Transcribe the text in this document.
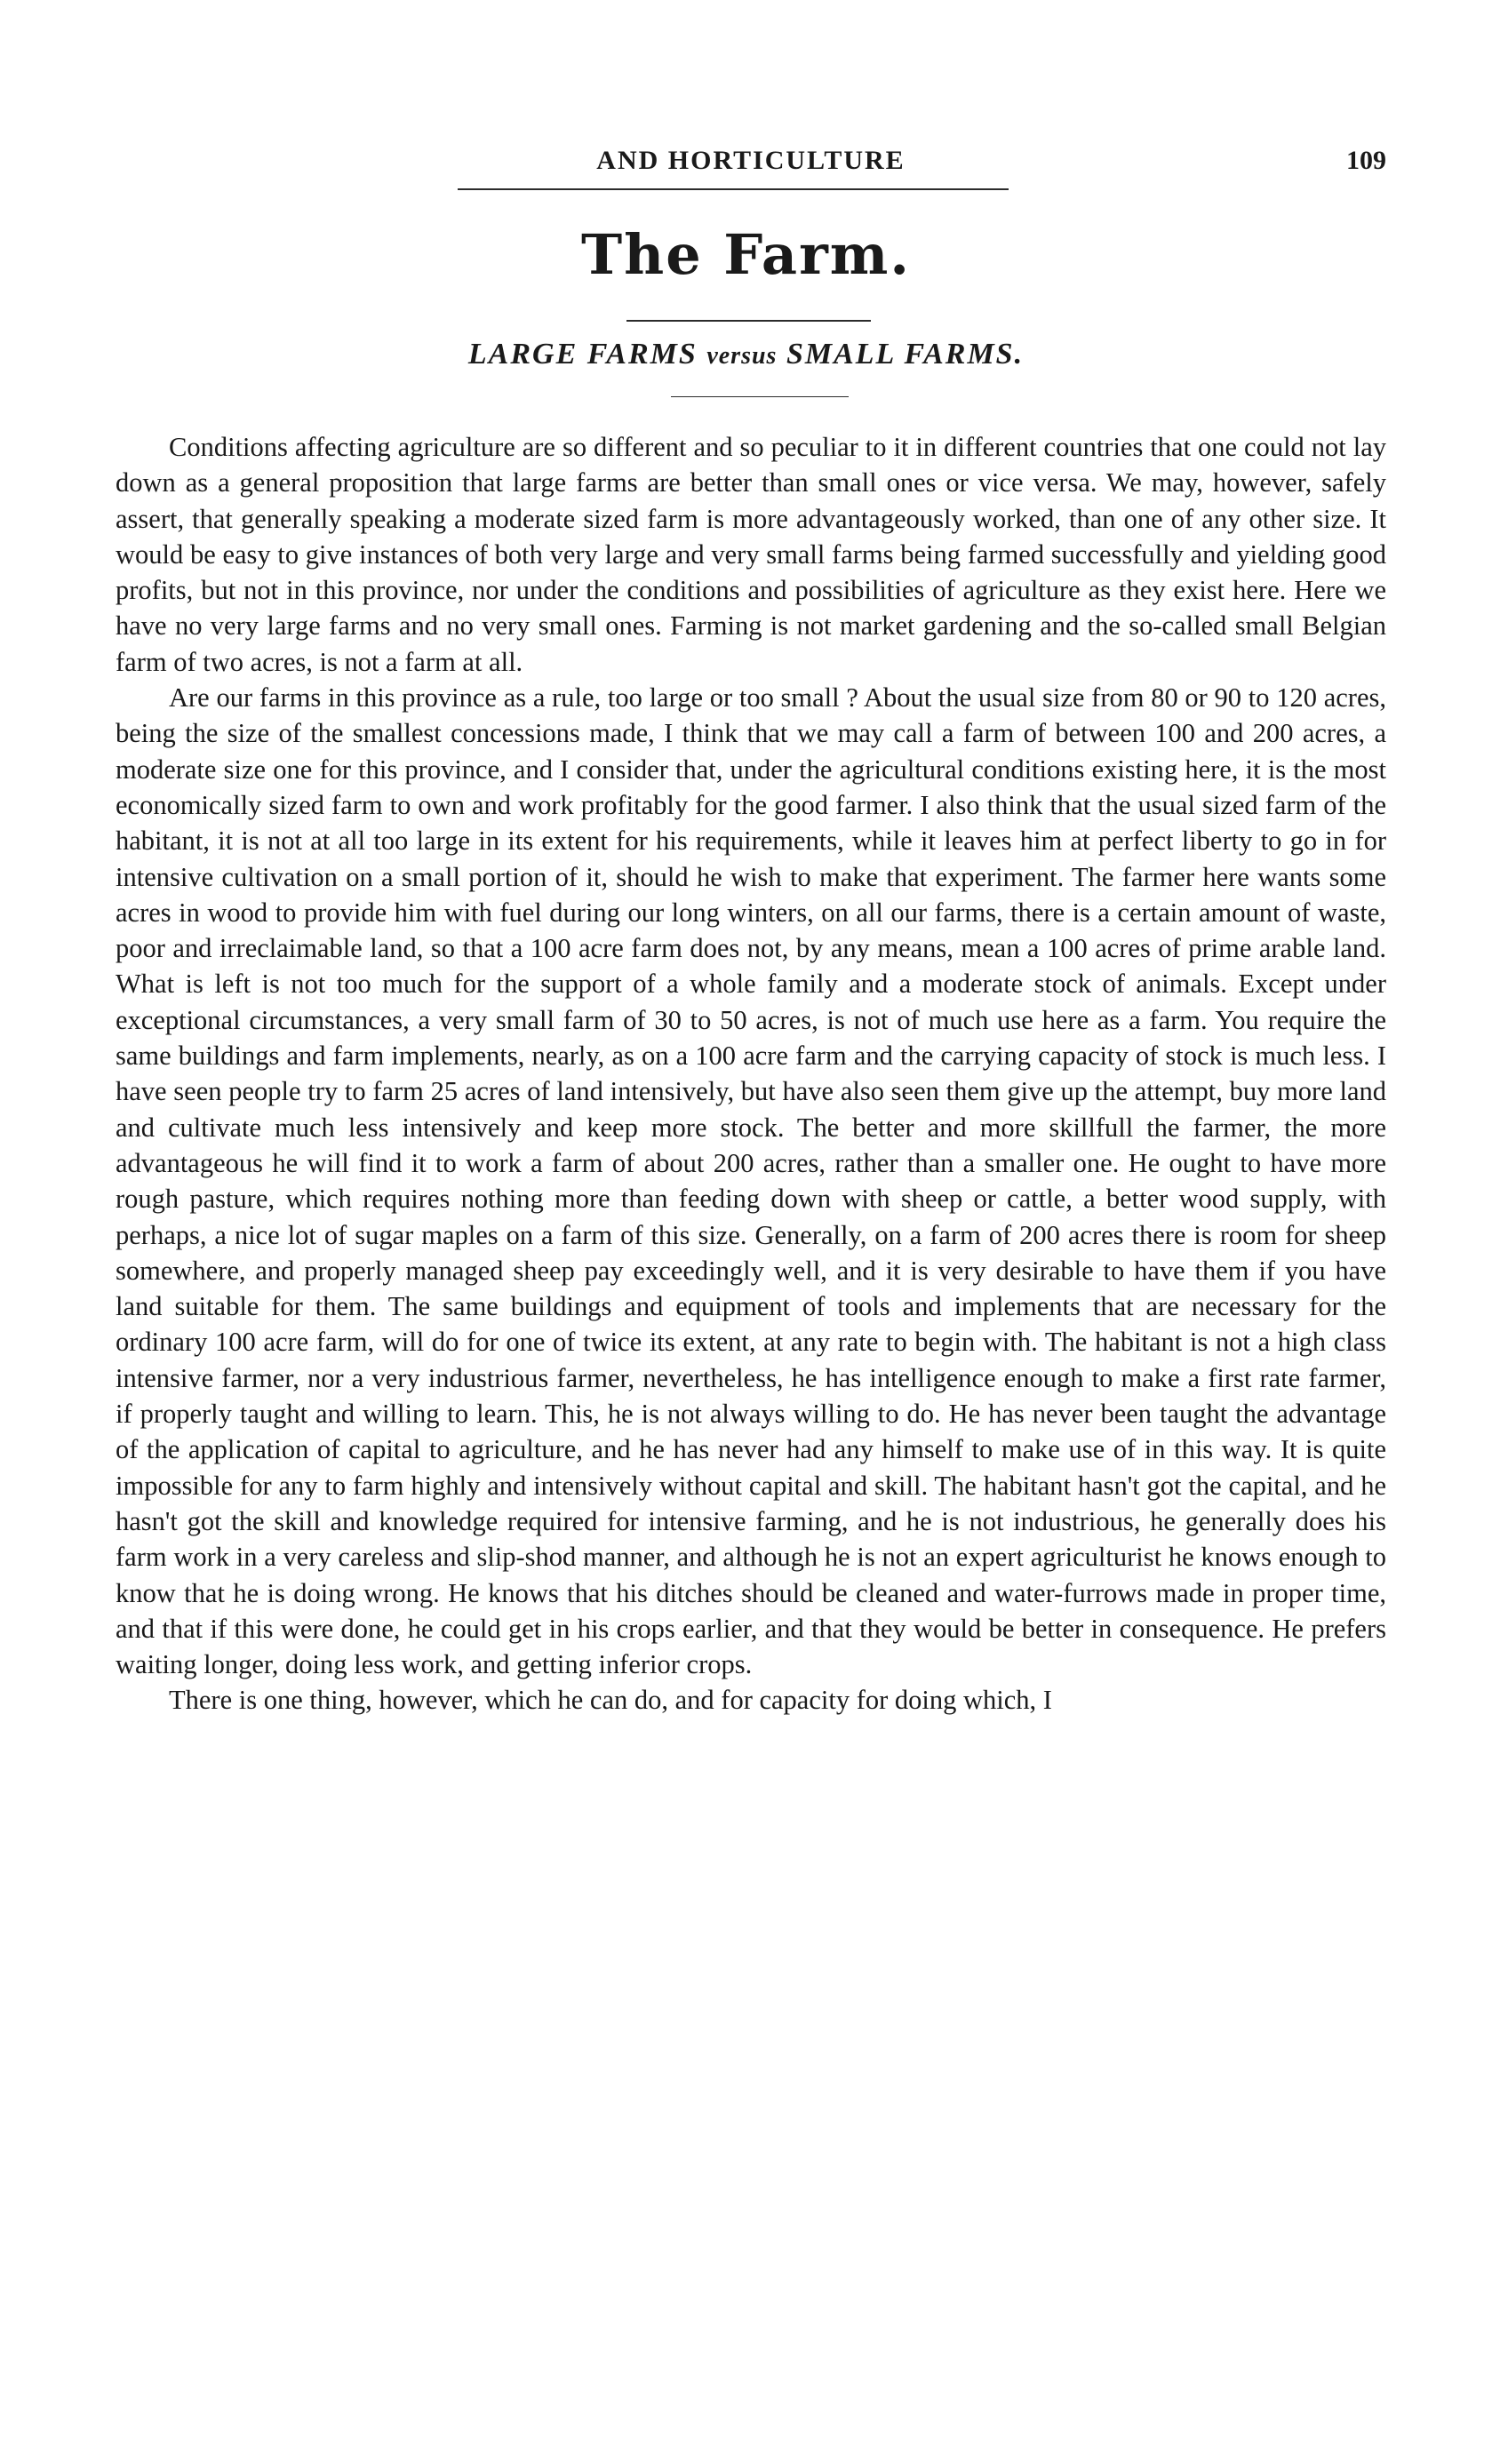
AND HORTICULTURE	109
The Farm.
LARGE FARMS versus SMALL FARMS.

Conditions affecting agriculture are so different and so peculiar to it in different countries that one could not lay down as a general proposition that large farms are better than small ones or vice versa. We may, however, safely assert, that generally speaking a moderate sized farm is more advantageously worked, than one of any other size. It would be easy to give instances of both very large and very small farms being farmed successfully and yielding good profits, but not in this province, nor under the conditions and possibilities of agriculture as they exist here. Here we have no very large farms and no very small ones. Farming is not market gardening and the so-called small Belgian farm of two acres, is not a farm at all.

Are our farms in this province as a rule, too large or too small ? About the usual size from 80 or 90 to 120 acres, being the size of the smallest concessions made, I think that we may call a farm of between 100 and 200 acres, a moderate size one for this province, and I consider that, under the agricultural conditions existing here, it is the most economically sized farm to own and work profitably for the good farmer. I also think that the usual sized farm of the habitant, it is not at all too large in its extent for his requirements, while it leaves him at perfect liberty to go in for intensive cultivation on a small portion of it, should he wish to make that experiment. The farmer here wants some acres in wood to provide him with fuel during our long winters, on all our farms, there is a certain amount of waste, poor and irreclaimable land, so that a 100 acre farm does not, by any means, mean a 100 acres of prime arable land. What is left is not too much for the support of a whole family and a moderate stock of animals. Except under exceptional circumstances, a very small farm of 30 to 50 acres, is not of much use here as a farm. You require the same buildings and farm implements, nearly, as on a 100 acre farm and the carrying capacity of stock is much less. I have seen people try to farm 25 acres of land intensively, but have also seen them give up the attempt, buy more land and cultivate much less intensively and keep more stock. The better and more skillfull the farmer, the more advantageous he will find it to work a farm of about 200 acres, rather than a smaller one. He ought to have more rough pasture, which requires nothing more than feeding down with sheep or cattle, a better wood supply, with perhaps, a nice lot of sugar maples on a farm of this size. Generally, on a farm of 200 acres there is room for sheep somewhere, and properly managed sheep pay exceedingly well, and it is very desirable to have them if you have land suitable for them. The same buildings and equipment of tools and implements that are necessary for the ordinary 100 acre farm, will do for one of twice its extent, at any rate to begin with. The habitant is not a high class intensive farmer, nor a very industrious farmer, nevertheless, he has intelligence enough to make a first rate farmer, if properly taught and willing to learn. This, he is not always willing to do. He has never been taught the advantage of the application of capital to agriculture, and he has never had any himself to make use of in this way. It is quite impossible for any to farm highly and intensively without capital and skill. The habitant hasn't got the capital, and he hasn't got the skill and knowledge required for intensive farming, and he is not industrious, he generally does his farm work in a very careless and slip-shod manner, and although he is not an expert agriculturist he knows enough to know that he is doing wrong. He knows that his ditches should be cleaned and water-furrows made in proper time, and that if this were done, he could get in his crops earlier, and that they would be better in consequence. He prefers waiting longer, doing less work, and getting inferior crops.

There is one thing, however, which he can do, and for capacity for doing which, I
